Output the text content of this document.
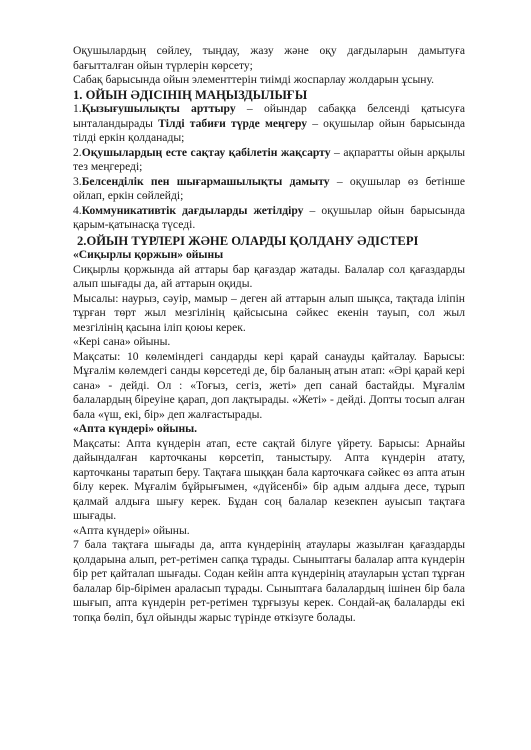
Оқушылардың сөйлеу, тыңдау, жазу және оқу дағдыларын дамытуға бағытталған ойын түрлерін көрсету;

Сабақ барысында ойын элементтерін тиімді жоспарлау жолдарын ұсыну.

1. ОЙЫН ӘДІСІНІҢ МАҢЫЗДЫЛЫҒЫ

1.Қызығушылықты арттыру – ойындар сабаққа белсенді қатысуға ынталандырады Тілді табиғи түрде меңгеру – оқушылар ойын барысында тілді еркін қолданады;

2.Оқушылардың есте сақтау қабілетін жақсарту – ақпаратты ойын арқылы тез меңгереді;

3.Белсенділік пен шығармашылықты дамыту – оқушылар өз бетінше ойлап, еркін сөйлейді;

4.Коммуникативтік дағдыларды жетілдіру – оқушылар ойын барысында қарым-қатынасқа түседі.

2.ОЙЫН ТҮРЛЕРІ ЖӘНЕ ОЛАРДЫ ҚОЛДАНУ ӘДІСТЕРІ

«Сиқырлы қоржын» ойыны

Сиқырлы қоржында ай аттары бар қағаздар жатады. Балалар сол қағаздарды алып шығады да, ай аттарын оқиды.

Мысалы: наурыз, сәуір, мамыр – деген ай аттарын алып шықса, тақтада іліпін тұрған төрт жыл мезгілінің қайсысына сәйкес екенін тауып, сол жыл мезгілінің қасына іліп қоюы керек.

«Кері сана» ойыны.

Мақсаты: 10 көлеміндегі сандарды кері қарай санауды қайталау. Барысы: Мұғалім көлемдегі санды көрсетеді де, бір баланың атын атап: «Әрі қарай кері сана» - дейді. Ол : «Тоғыз, сегіз, жеті» деп санай бастайды. Мұғалім балалардың біреуіне қарап, доп лақтырады. «Жеті» - дейді. Допты тосып алған бала «үш, екі, бір» деп жалғастырады.

«Апта күндері» ойыны.

Мақсаты: Апта күндерін атап, есте сақтай білуге үйрету. Барысы: Арнайы дайындалған карточканы көрсетіп, таныстыру. Апта күндерін атату, карточканы таратып беру. Тақтаға шыққан бала карточкаға сәйкес өз апта атын білу керек. Мұғалім бұйрығымен, «дүйсенбі» бір адым алдыға десе, тұрып қалмай алдыға шығу керек. Бұдан соң балалар кезекпен ауысып тақтаға шығады.

«Апта күндері» ойыны.

7 бала тақтаға шығады да, апта күндерінің атаулары жазылған қағаздарды қолдарына алып, рет-ретімен сапқа тұрады. Сыныптағы балалар апта күндерін бір рет қайталап шығады. Содан кейін апта күндерінің атауларын ұстап тұрған балалар бір-бірімен араласып тұрады. Сыныптаға балалардың ішінен бір бала шығып, апта күндерін рет-ретімен тұрғызуы керек. Сондай-ақ балаларды екі топқа бөліп, бұл ойынды жарыс түрінде өткізуге болады.
